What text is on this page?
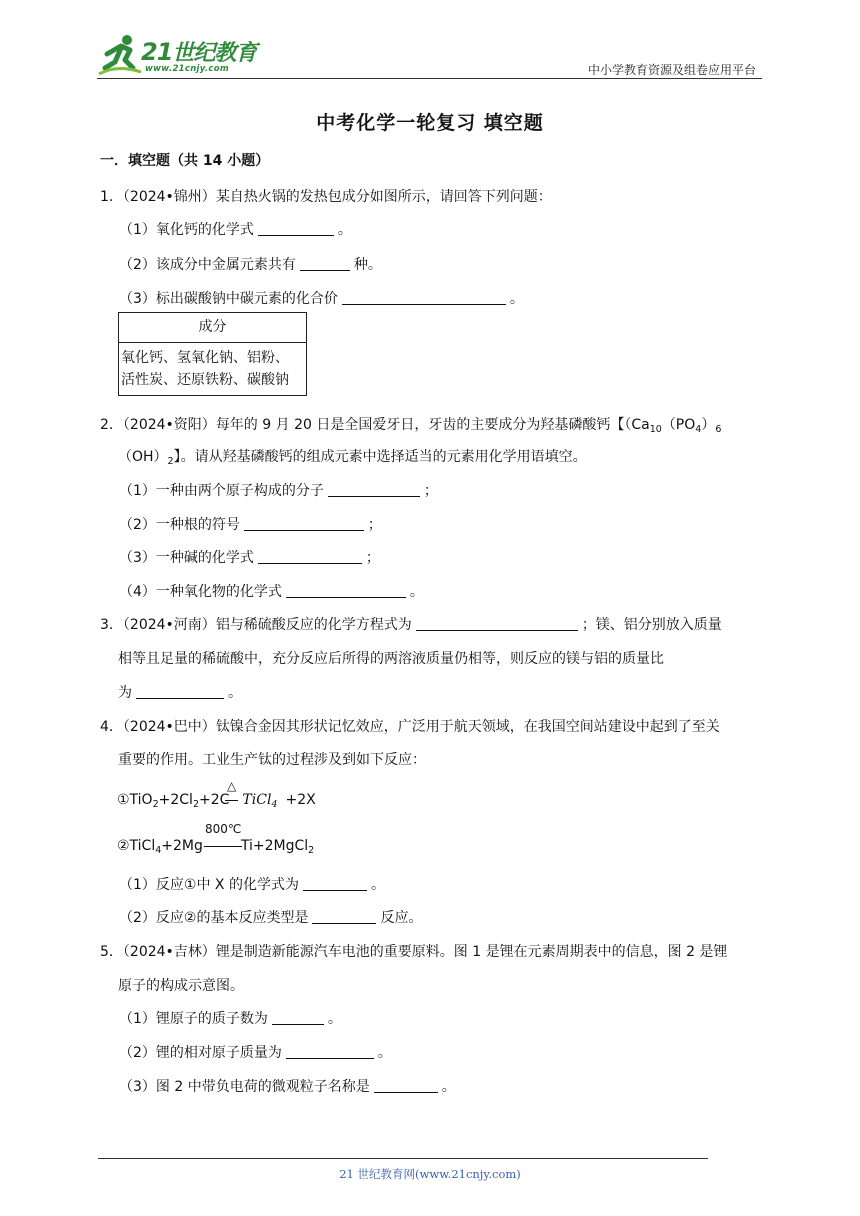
21世纪教育
www.21cnjy.com	中小学教育资源及组卷应用平台
中考化学一轮复习 填空题
一．填空题（共 14 小题）
1．（2024•锦州）某自热火锅的发热包成分如图所示，请回答下列问题：
（1）氧化钙的化学式	。
（2）该成分中金属元素共有	种。
（3）标出碳酸钠中碳元素的化合价	。
成分
氧化钙、氢氧化钠、铝粉、
活性炭、还原铁粉、碳酸钠
2．（2024•资阳）每年的 9 月 20 日是全国爱牙日，牙齿的主要成分为羟基磷酸钙【（$Ca_{10}(PO_4)_6$
$(OH)_2$】。请从羟基磷酸钙的组成元素中选择适当的元素用化学用语填空。
（1）一种由两个原子构成的分子	；
（2）一种根的符号	；
（3）一种碱的化学式	；
（4）一种氧化物的化学式	。
3．（2024•河南）铝与稀硫酸反应的化学方程式为	；镁、铝分别放入质量
相等且足量的稀硫酸中，充分反应后所得的两溶液质量仍相等，则反应的镁与铝的质量比
为	。
4．（2024•巴中）钛镍合金因其形状记忆效应，广泛用于航天领域，在我国空间站建设中起到了至关
重要的作用。工业生产钛的过程涉及到如下反应：
$①TiO_2+2Cl_2+2C$ TiCl$_4$ +2X
△
800℃
②TiCl$_4$+2Mg	Ti+2MgCl$_2$
（1）反应①中 X 的化学式为	。
（2）反应②的基本反应类型是	反应。
5．（2024•吉林）锂是制造新能源汽车电池的重要原料。图 1 是锂在元素周期表中的信息，图 2 是锂
原子的构成示意图。
（1）锂原子的质子数为	。
（2）锂的相对原子质量为	。
（3）图 2 中带负电荷的微观粒子名称是	。
21 世纪教育网(www.21cnjy.com)
